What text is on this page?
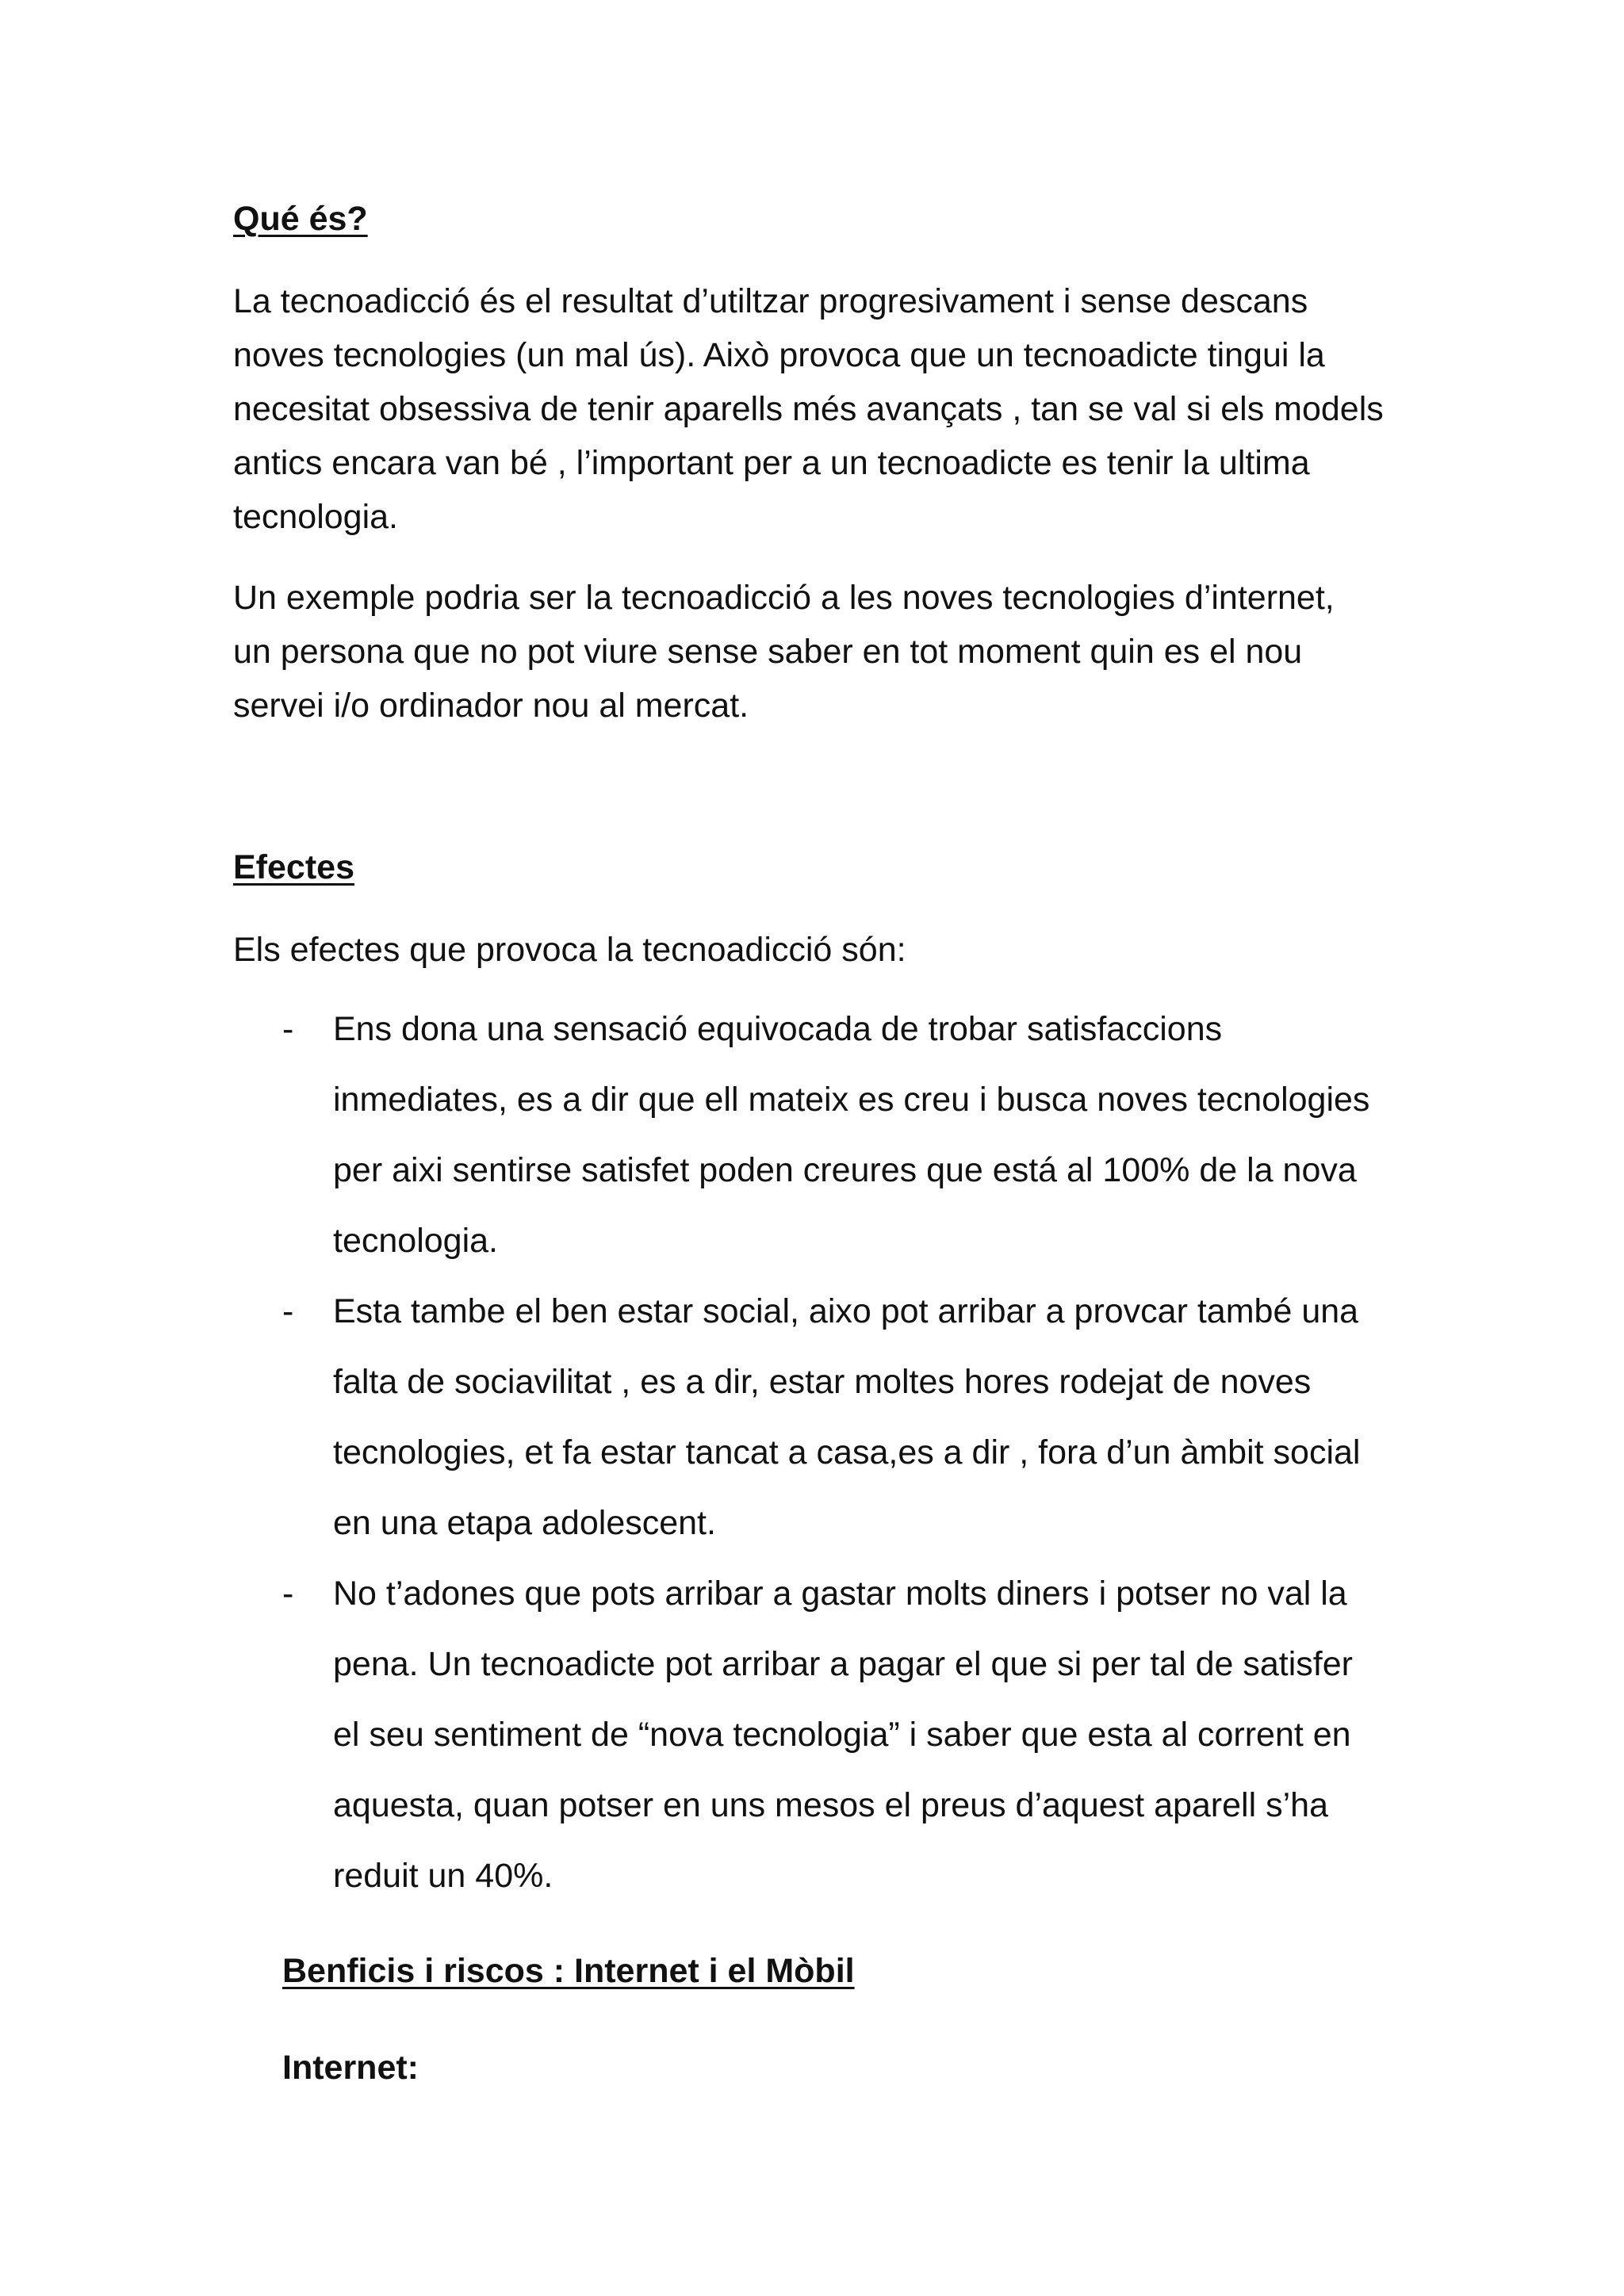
Qué és?
La tecnoadicció és el resultat d’utiltzar progresivament i sense descans
noves tecnologies (un mal ús). Això provoca que un tecnoadicte tingui la
necesitat obsessiva de tenir aparells més avançats , tan se val si els models
antics encara van bé , l’important per a un tecnoadicte es tenir la ultima
tecnologia.
Un exemple podria ser la tecnoadicció a les noves tecnologies d’internet,
un persona que no pot viure sense saber en tot moment quin es el nou
servei i/o ordinador nou al mercat.
Efectes
Els efectes que provoca la tecnoadicció són:
-	Ens dona una sensació equivocada de trobar satisfaccions
inmediates, es a dir que ell mateix es creu i busca noves tecnologies
per aixi sentirse satisfet poden creures que está al 100% de la nova
tecnologia.
-	Esta tambe el ben estar social, aixo pot arribar a provcar també una
falta de sociavilitat , es a dir, estar moltes hores rodejat de noves
tecnologies, et fa estar tancat a casa,es a dir , fora d’un àmbit social
en una etapa adolescent.
-	No t’adones que pots arribar a gastar molts diners i potser no val la
pena. Un tecnoadicte pot arribar a pagar el que si per tal de satisfer
el seu sentiment de “nova tecnologia” i saber que esta al corrent en
aquesta, quan potser en uns mesos el preus d’aquest aparell s’ha
reduit un 40%.
Benficis i riscos : Internet i el Mòbil
Internet:
